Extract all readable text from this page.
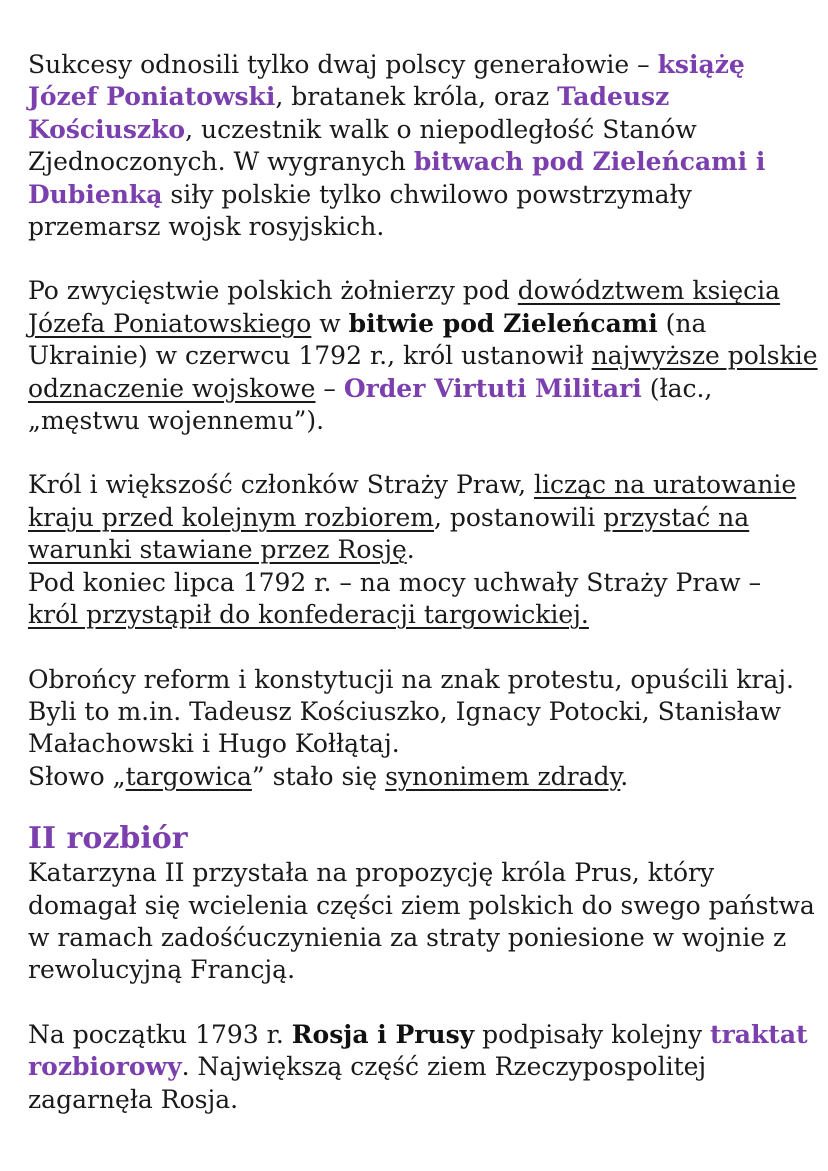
Sukcesy odnosili tylko dwaj polscy generałowie – książę Józef Poniatowski, bratanek króla, oraz Tadeusz Kościuszko, uczestnik walk o niepodległość Stanów Zjednoczonych. W wygranych bitwach pod Zieleńcami i Dubienką siły polskie tylko chwilowo powstrzymały przemarsz wojsk rosyjskich.

Po zwycięstwie polskich żołnierzy pod dowództwem księcia Józefa Poniatowskiego w bitwie pod Zieleńcami (na Ukrainie) w czerwcu 1792 r., król ustanowił najwyższe polskie odznaczenie wojskowe – Order Virtuti Militari (łac., „męstwu wojennemu”).

Król i większość członków Straży Praw, licząc na uratowanie kraju przed kolejnym rozbiorem, postanowili przystać na warunki stawiane przez Rosję.

Pod koniec lipca 1792 r. – na mocy uchwały Straży Praw – król przystąpił do konfederacji targowickiej.

Obrońcy reform i konstytucji na znak protestu, opuścili kraj. Byli to m.in. Tadeusz Kościuszko, Ignacy Potocki, Stanisław Małachowski i Hugo Kołłątaj.

Słowo „targowica” stało się synonimem zdrady.

II rozbiór

Katarzyna II przystała na propozycję króla Prus, który domagał się wcielenia części ziem polskich do swego państwa w ramach zadośćuczynienia za straty poniesione w wojnie z rewolucyjną Francją.

Na początku 1793 r. Rosja i Prusy podpisały kolejny traktat rozbiorowy. Największą część ziem Rzeczypospolitej zagarnęła Rosja.
